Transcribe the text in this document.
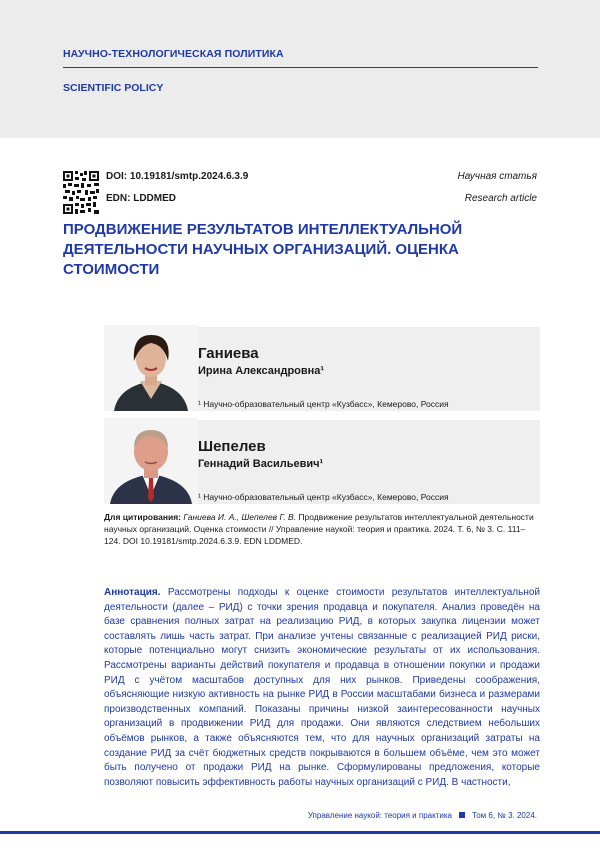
НАУЧНО-ТЕХНОЛОГИЧЕСКАЯ ПОЛИТИКА
SCIENTIFIC POLICY
DOI: 10.19181/smtp.2024.6.3.9
EDN: LDDMED
Научная статья
Research article
ПРОДВИЖЕНИЕ РЕЗУЛЬТАТОВ ИНТЕЛЛЕКТУАЛЬНОЙ ДЕЯТЕЛЬНОСТИ НАУЧНЫХ ОРГАНИЗАЦИЙ. ОЦЕНКА СТОИМОСТИ
Ганиева
Ирина Александровна¹
¹ Научно-образовательный центр «Кузбасс», Кемерово, Россия
Шепелев
Геннадий Васильевич¹
¹ Научно-образовательный центр «Кузбасс», Кемерово, Россия
Для цитирования: Ганиева И. А., Шепелев Г. В. Продвижение результатов интеллектуальной деятельности научных организаций. Оценка стоимости // Управление наукой: теория и практика. 2024. Т. 6, № 3. С. 111–124. DOI 10.19181/smtp.2024.6.3.9. EDN LDDMED.
Аннотация. Рассмотрены подходы к оценке стоимости результатов интеллектуальной деятельности (далее – РИД) с точки зрения продавца и покупателя. Анализ проведён на базе сравнения полных затрат на реализацию РИД, в которых закупка лицензии может составлять лишь часть затрат. При анализе учтены связанные с реализацией РИД риски, которые потенциально могут снизить экономические результаты от их использования. Рассмотрены варианты действий покупателя и продавца в отношении покупки и продажи РИД с учётом масштабов доступных для них рынков. Приведены соображения, объясняющие низкую активность на рынке РИД в России масштабами бизнеса и размерами производственных компаний. Показаны причины низкой заинтересованности научных организаций в продвижении РИД для продажи. Они являются следствием небольших объёмов рынков, а также объясняются тем, что для научных организаций затраты на создание РИД за счёт бюджетных средств покрываются в большем объёме, чем это может быть получено от продажи РИД на рынке. Сформулированы предложения, которые позволяют повысить эффективность работы научных организаций с РИД. В частности,
Управление наукой: теория и практика	Том 6, № 3. 2024.
